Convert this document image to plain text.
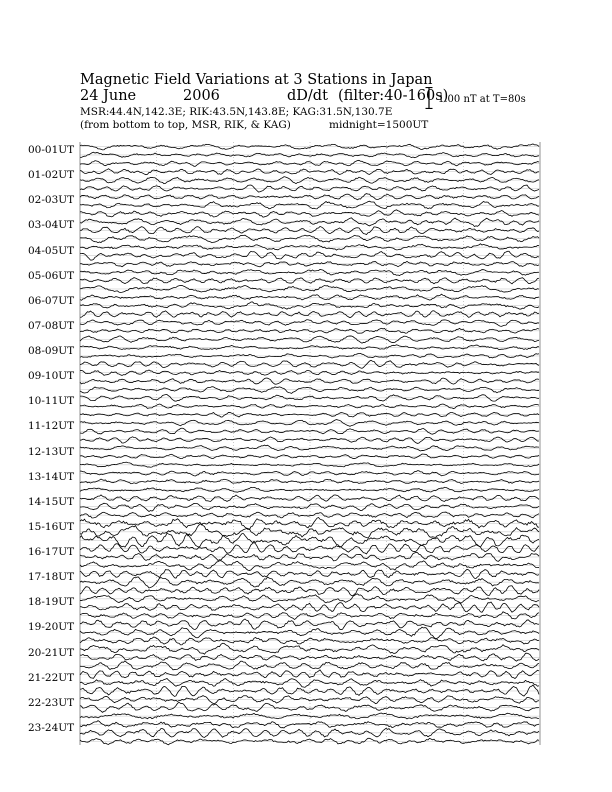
Magnetic Field Variations at 3 Stations in Japan
24 June	2006	dD/dt (filter:40-160s)
MSR:44.4N,142.3E; RIK:43.5N,143.8E; KAG:31.5N,130.7E
(from bottom to top, MSR, RIK, & KAG)	midnight=1500UT
1.00 nT at T=80s
00-01UT
01-02UT
02-03UT
03-04UT
04-05UT
05-06UT
06-07UT
07-08UT
08-09UT
09-10UT
10-11UT
11-12UT
12-13UT
13-14UT
14-15UT
15-16UT
16-17UT
17-18UT
18-19UT
19-20UT
20-21UT
21-22UT
22-23UT
23-24UT
